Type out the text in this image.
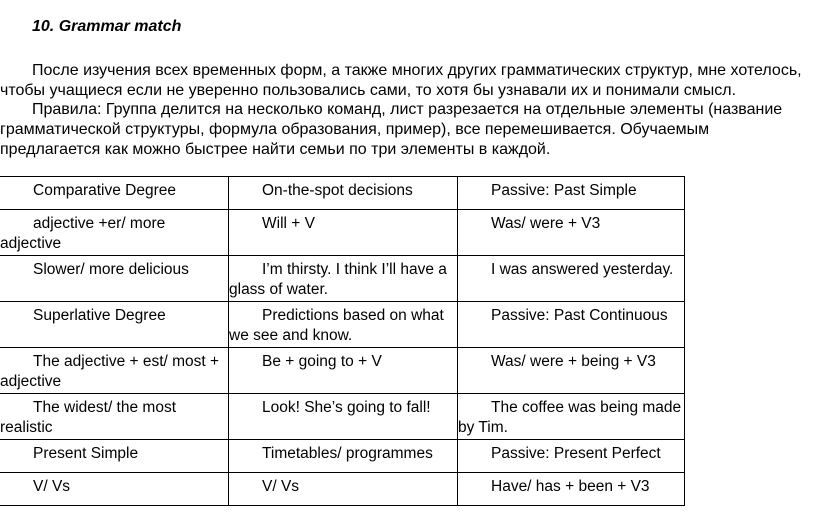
10. Grammar match

После изучения всех временных форм, а также многих других грамматических структур, мне хотелось, чтобы учащиеся если не уверенно пользовались сами, то хотя бы узнавали их и понимали смысл.

Правила: Группа делится на несколько команд, лист разрезается на отдельные элементы (название грамматической структуры, формула образования, пример), все перемешивается. Обучаемым предлагается как можно быстрее найти семьи по три элементы в каждой.

Comparative Degree	On-the-spot decisions	Passive: Past Simple
adjective +er/ more adjective	Will + V	Was/ were + V3
Slower/ more delicious	I’m thirsty. I think I’ll have a glass of water.	I was answered yesterday.
Superlative Degree	Predictions based on what we see and know.	Passive: Past Continuous
The adjective + est/ most + adjective	Be + going to + V	Was/ were + being + V3
The widest/ the most realistic	Look! She’s going to fall!	The coffee was being made by Tim.
Present Simple	Timetables/ programmes	Passive: Present Perfect
V/ Vs	V/ Vs	Have/ has + been + V3
